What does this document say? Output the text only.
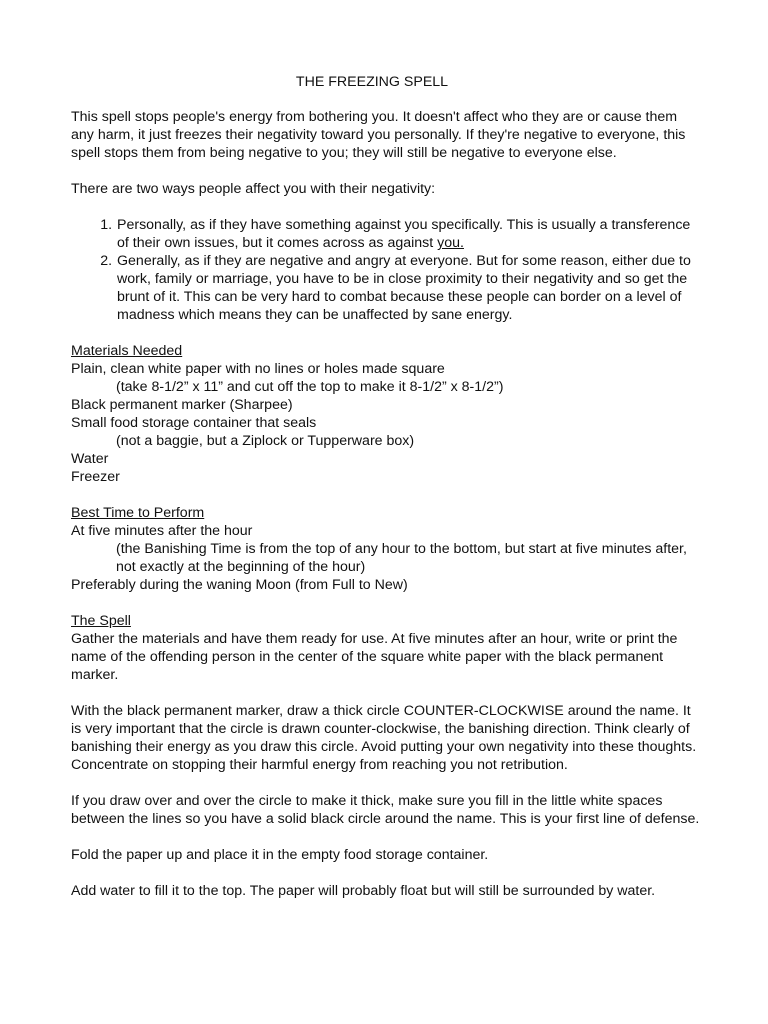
THE FREEZING SPELL

This spell stops people's energy from bothering you. It doesn't affect who they are or cause them any harm, it just freezes their negativity toward you personally. If they're negative to everyone, this spell stops them from being negative to you; they will still be negative to everyone else.

There are two ways people affect you with their negativity:

1. Personally, as if they have something against you specifically. This is usually a transference of their own issues, but it comes across as against you.
2. Generally, as if they are negative and angry at everyone. But for some reason, either due to work, family or marriage, you have to be in close proximity to their negativity and so get the brunt of it. This can be very hard to combat because these people can border on a level of madness which means they can be unaffected by sane energy.
Materials Needed
Plain, clean white paper with no lines or holes made square
(take 8-1/2” x 11” and cut off the top to make it 8-1/2” x 8-1/2”)
Black permanent marker (Sharpee)
Small food storage container that seals
(not a baggie, but a Ziplock or Tupperware box)
Water
Freezer
Best Time to Perform
At five minutes after the hour
(the Banishing Time is from the top of any hour to the bottom, but start at five minutes after, not exactly at the beginning of the hour)
Preferably during the waning Moon (from Full to New)
The Spell
Gather the materials and have them ready for use. At five minutes after an hour, write or print the name of the offending person in the center of the square white paper with the black permanent marker.

With the black permanent marker, draw a thick circle COUNTER-CLOCKWISE around the name. It is very important that the circle is drawn counter-clockwise, the banishing direction. Think clearly of banishing their energy as you draw this circle. Avoid putting your own negativity into these thoughts. Concentrate on stopping their harmful energy from reaching you not retribution.

If you draw over and over the circle to make it thick, make sure you fill in the little white spaces between the lines so you have a solid black circle around the name. This is your first line of defense.

Fold the paper up and place it in the empty food storage container.

Add water to fill it to the top. The paper will probably float but will still be surrounded by water.
